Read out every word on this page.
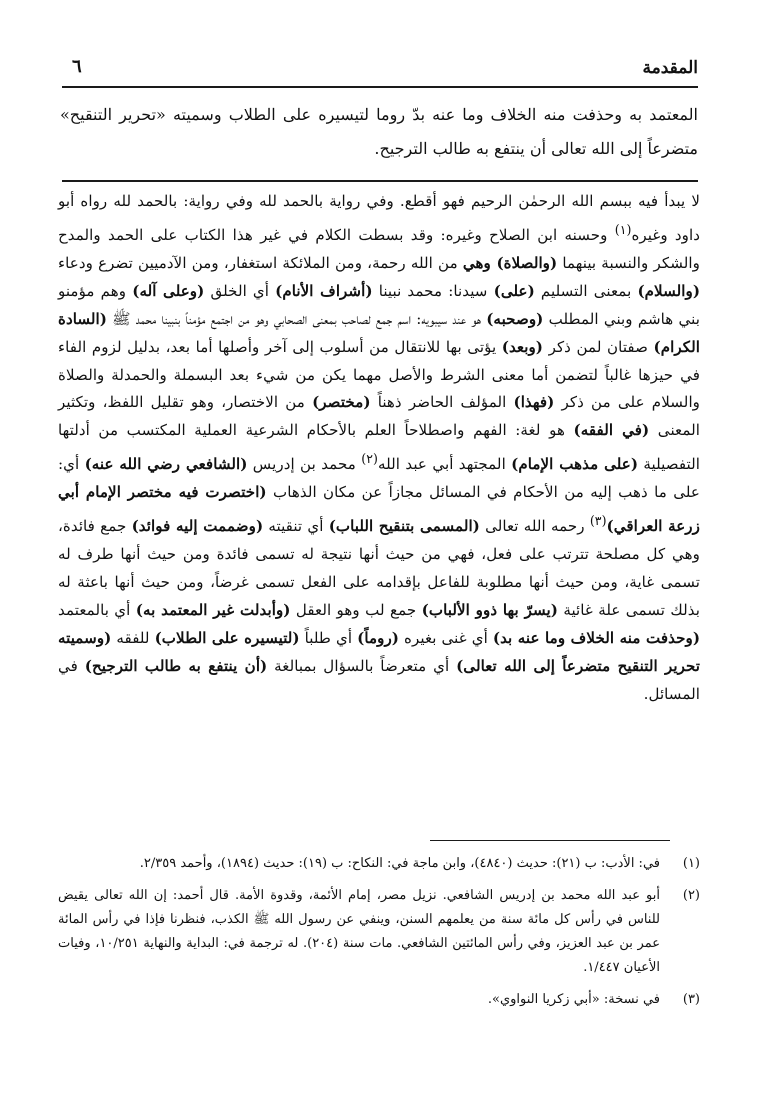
المقدمة
٦

المعتمد به وحذفت منه الخلاف وما عنه بدّ روما لتيسيره على الطلاب وسميته «تحرير التنقيح» متضرعاً إلى الله تعالى أن ينتفع به طالب الترجيح.

لا يبدأ فيه ببسم الله الرحمٰن الرحيم فهو أقطع. وفي رواية بالحمد لله وفي رواية: بالحمد لله رواه أبو داود وغيره$^{(١)}$ وحسنه ابن الصلاح وغيره: وقد بسطت الكلام في غير هذا الكتاب على الحمد والمدح والشكر والنسبة بينهما (والصلاة) وهي من الله رحمة، ومن الملائكة استغفار، ومن الآدميين تضرع ودعاء (والسلام) بمعنى التسليم (على) سيدنا: محمد نبينا (أشراف الأنام) أي الخلق (وعلى آله) وهم مؤمنو بني هاشم وبني المطلب (وصحبه) هو عند سيبويه: اسم جمع لصاحب بمعنى الصحابي وهو من اجتمع مؤمناً بنبينا محمد ﷺ (السادة الكرام) صفتان لمن ذكر (وبعد) يؤتى بها للانتقال من أسلوب إلى آخر وأصلها أما بعد، بدليل لزوم الفاء في حيزها غالباً لتضمن أما معنى الشرط والأصل مهما يكن من شيء بعد البسملة والحمدلة والصلاة والسلام على من ذكر (فهذا) المؤلف الحاضر ذهناً (مختصر) من الاختصار، وهو تقليل اللفظ، وتكثير المعنى (في الفقه) هو لغة: الفهم واصطلاحاً العلم بالأحكام الشرعية العملية المكتسب من أدلتها التفصيلية (على مذهب الإمام) المجتهد أبي عبد الله$^{(٢)}$ محمد بن إدريس (الشافعي رضي الله عنه) أي: على ما ذهب إليه من الأحكام في المسائل مجازاً عن مكان الذهاب (اختصرت فيه مختصر الإمام أبي زرعة العراقي)$^{(٣)}$ رحمه الله تعالى (المسمى بتنقيح اللباب) أي تنقيته (وضممت إليه فوائد) جمع فائدة، وهي كل مصلحة تترتب على فعل، فهي من حيث أنها نتيجة له تسمى فائدة ومن حيث أنها طرف له تسمى غاية، ومن حيث أنها مطلوبة للفاعل بإقدامه على الفعل تسمى غرضاً، ومن حيث أنها باعثة له بذلك تسمى علة غائية (يسرّ بها ذوو الألباب) جمع لب وهو العقل (وأبدلت غير المعتمد به) أي بالمعتمد (وحذفت منه الخلاف وما عنه بد) أي غنى بغيره (روماً) أي طلباً (لتيسيره على الطلاب) للفقه (وسميته تحرير التنقيح متضرعاً إلى الله تعالى) أي متعرضاً بالسؤال بمبالغة (أن ينتفع به طالب الترجيح) في المسائل.

(١)
في: الأدب: ب (٢١): حديث (٤٨٤٠)، وابن ماجة في: النكاح: ب (١٩): حديث (١٨٩٤)، وأحمد ٢/٣٥٩.
(٢)
أبو عبد الله محمد بن إدريس الشافعي. نزيل مصر، إمام الأئمة، وقدوة الأمة. قال أحمد: إن الله تعالى يقيض للناس في رأس كل مائة سنة من يعلمهم السنن، وينفي عن رسول الله ﷺ الكذب، فنظرنا فإذا في رأس المائة عمر بن عبد العزيز، وفي رأس المائتين الشافعي. مات سنة (٢٠٤). له ترجمة في: البداية والنهاية ١٠/٢٥١، وفيات الأعيان ١/٤٤٧.
(٣)
في نسخة: «أبي زكريا النواوي».
